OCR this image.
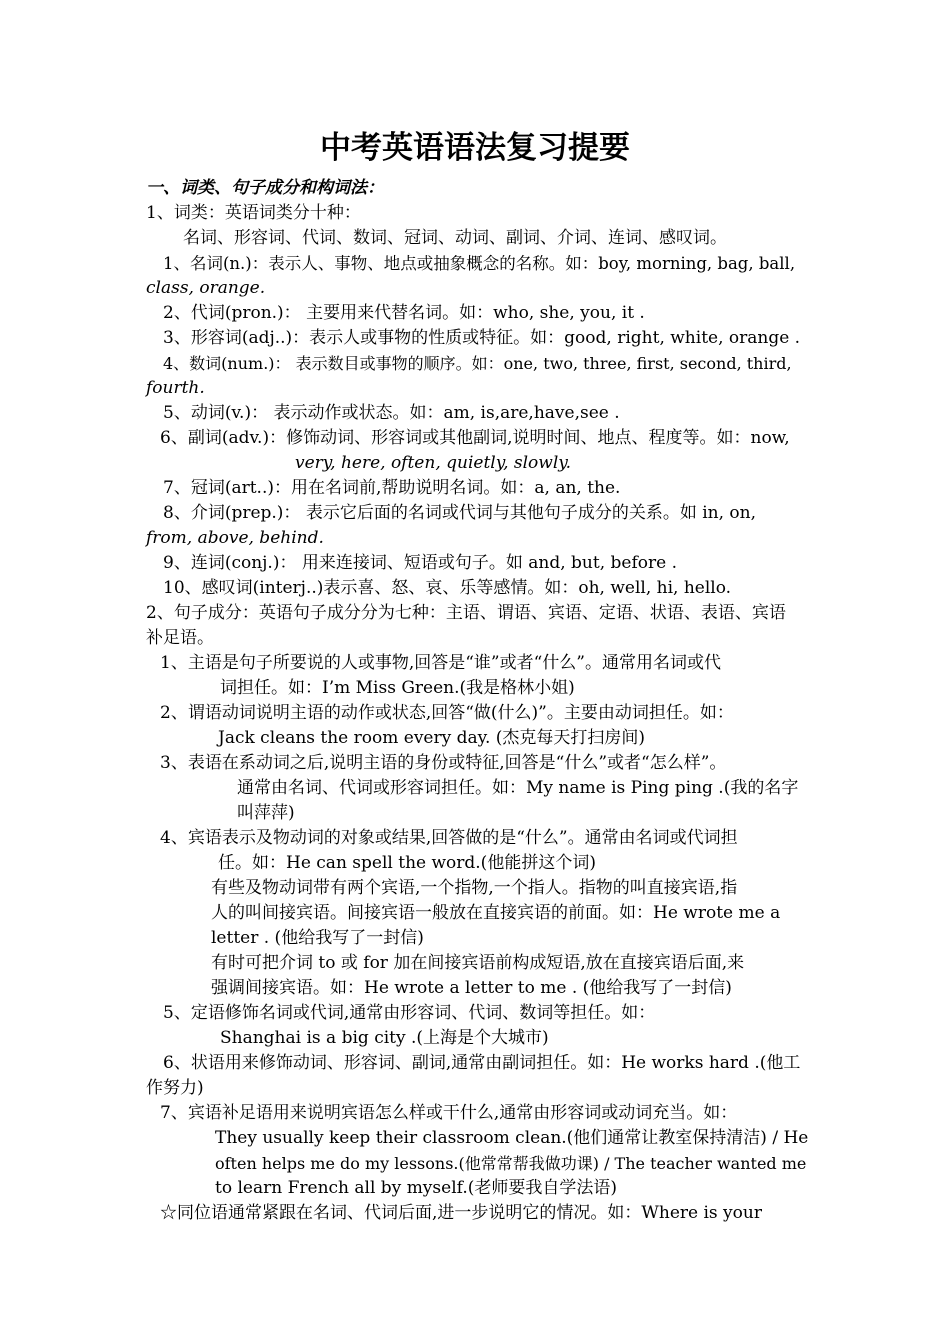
中考英语语法复习提要
一、词类、句子成分和构词法：
1、词类：英语词类分十种：
名词、形容词、代词、数词、冠词、动词、副词、介词、连词、感叹词。
1、名词(n.)：表示人、事物、地点或抽象概念的名称。如：boy, morning, bag, ball,
class, orange.
2、代词(pron.)： 主要用来代替名词。如：who, she, you, it .
3、形容词(adj..)：表示人或事物的性质或特征。如：good, right, white, orange .
4、数词(num.)： 表示数目或事物的顺序。如：one, two, three, first, second, third,
fourth.
5、动词(v.)： 表示动作或状态。如：am, is,are,have,see .
6、副词(adv.)：修饰动词、形容词或其他副词,说明时间、地点、程度等。如：now,
very, here, often, quietly, slowly.
7、冠词(art..)：用在名词前,帮助说明名词。如：a, an, the.
8、介词(prep.)： 表示它后面的名词或代词与其他句子成分的关系。如 in, on,
from, above, behind.
9、连词(conj.)： 用来连接词、短语或句子。如 and, but, before .
10、感叹词(interj..)表示喜、怒、哀、乐等感情。如：oh, well, hi, hello.
2、句子成分：英语句子成分分为七种：主语、谓语、宾语、定语、状语、表语、宾语
补足语。
1、主语是句子所要说的人或事物,回答是“谁”或者“什么”。通常用名词或代
词担任。如：I’m Miss Green.(我是格林小姐)
2、谓语动词说明主语的动作或状态,回答“做(什么)”。主要由动词担任。如：
Jack cleans the room every day. (杰克每天打扫房间)
3、表语在系动词之后,说明主语的身份或特征,回答是“什么”或者“怎么样”。
通常由名词、代词或形容词担任。如：My name is Ping ping .(我的名字
叫萍萍)
4、宾语表示及物动词的对象或结果,回答做的是“什么”。通常由名词或代词担
任。如：He can spell the word.(他能拼这个词)
有些及物动词带有两个宾语,一个指物,一个指人。指物的叫直接宾语,指
人的叫间接宾语。间接宾语一般放在直接宾语的前面。如：He wrote me a
letter . (他给我写了一封信)
有时可把介词 to 或 for 加在间接宾语前构成短语,放在直接宾语后面,来
强调间接宾语。如：He wrote a letter to me . (他给我写了一封信)
5、定语修饰名词或代词,通常由形容词、代词、数词等担任。如：
Shanghai is a big city .(上海是个大城市)
6、状语用来修饰动词、形容词、副词,通常由副词担任。如：He works hard .(他工
作努力)
7、宾语补足语用来说明宾语怎么样或干什么,通常由形容词或动词充当。如：
They usually keep their classroom clean.(他们通常让教室保持清洁) / He
often helps me do my lessons.(他常常帮我做功课) / The teacher wanted me
to learn French all by myself.(老师要我自学法语)
☆同位语通常紧跟在名词、代词后面,进一步说明它的情况。如：Where is your
